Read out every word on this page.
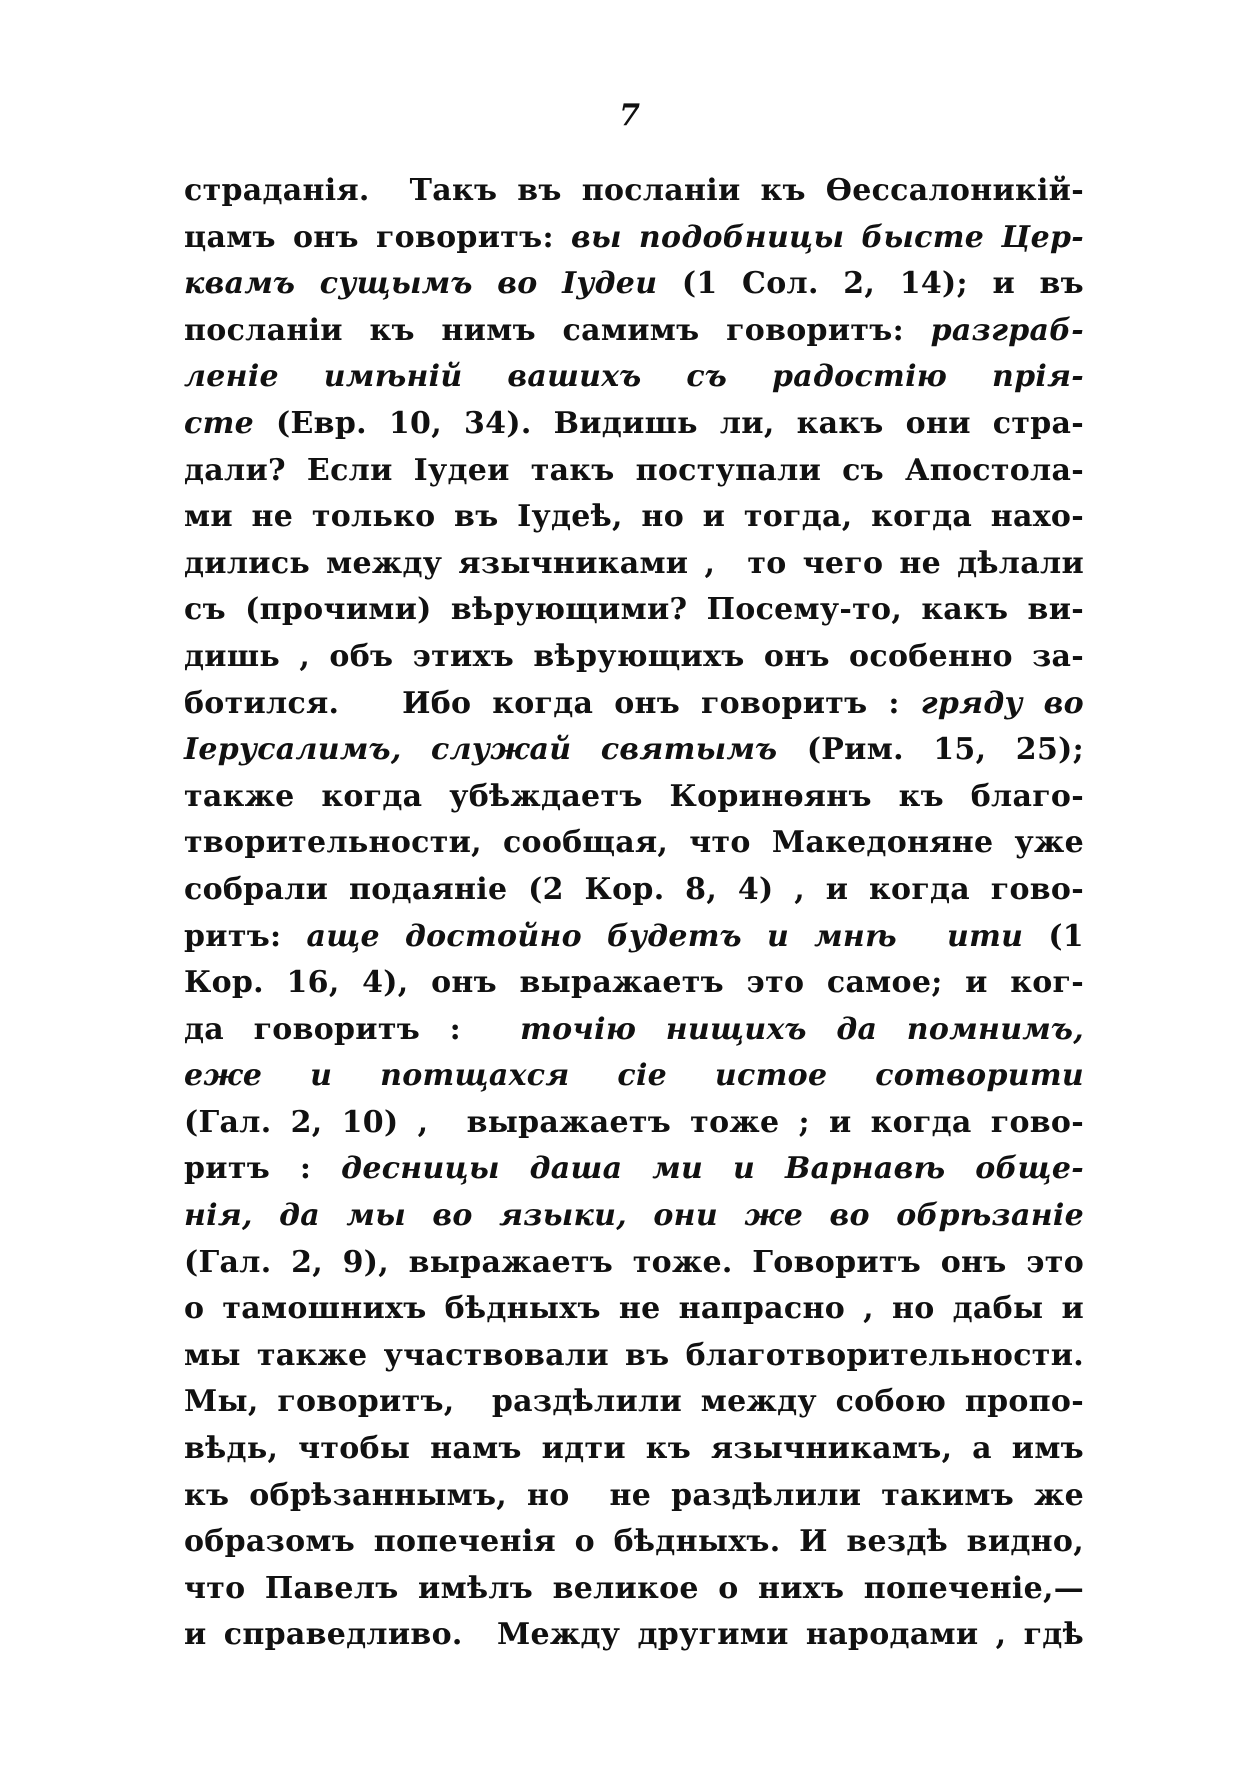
7
страданія.  Такъ въ посланіи къ Өессалоникій-
цамъ онъ говоритъ: вы подобницы бысте Цер-
квамъ сущымъ во Іудеи (1 Сол. 2, 14); и въ
посланіи къ нимъ самимъ говоритъ: разграб-
леніе имѣній вашихъ съ радостію прія-
сте (Евр. 10, 34). Видишь ли, какъ они стра-
дали? Если Іудеи такъ поступали съ Апостола-
ми не только въ Іудеѣ, но и тогда, когда нахо-
дились между язычниками ,  то чего не дѣлали
съ (прочими) вѣрующими? Посему-то, какъ ви-
дишь , объ этихъ вѣрующихъ онъ особенно за-
ботился.   Ибо когда онъ говоритъ : гряду во
Іерусалимъ, служай святымъ (Рим. 15, 25);
также когда убѣждаетъ Коринөянъ къ благо-
творительности, сообщая, что Македоняне уже
собрали подаяніе (2 Кор. 8, 4) , и когда гово-
ритъ: аще достойно будетъ и мнѣ  ити (1
Кор. 16, 4), онъ выражаетъ это самое; и ког-
да говоритъ :  точію нищихъ да помнимъ,
еже и потщахся сіе истое сотворити
(Гал. 2, 10) ,  выражаетъ тоже ; и когда гово-
ритъ : десницы даша ми и Варнавѣ обще-
нія, да мы во языки, они же во обрѣзаніе
(Гал. 2, 9), выражаетъ тоже. Говоритъ онъ это
о тамошнихъ бѣдныхъ не напрасно , но дабы и
мы также участвовали въ благотворительности.
Мы, говоритъ,  раздѣлили между собою пропо-
вѣдь, чтобы намъ идти къ язычникамъ, а имъ
къ обрѣзаннымъ, но  не раздѣлили такимъ же
образомъ попеченія о бѣдныхъ. И вездѣ видно,
что Павелъ имѣлъ великое о нихъ попеченіе,—
и справедливо.  Между другими народами , гдѣ
